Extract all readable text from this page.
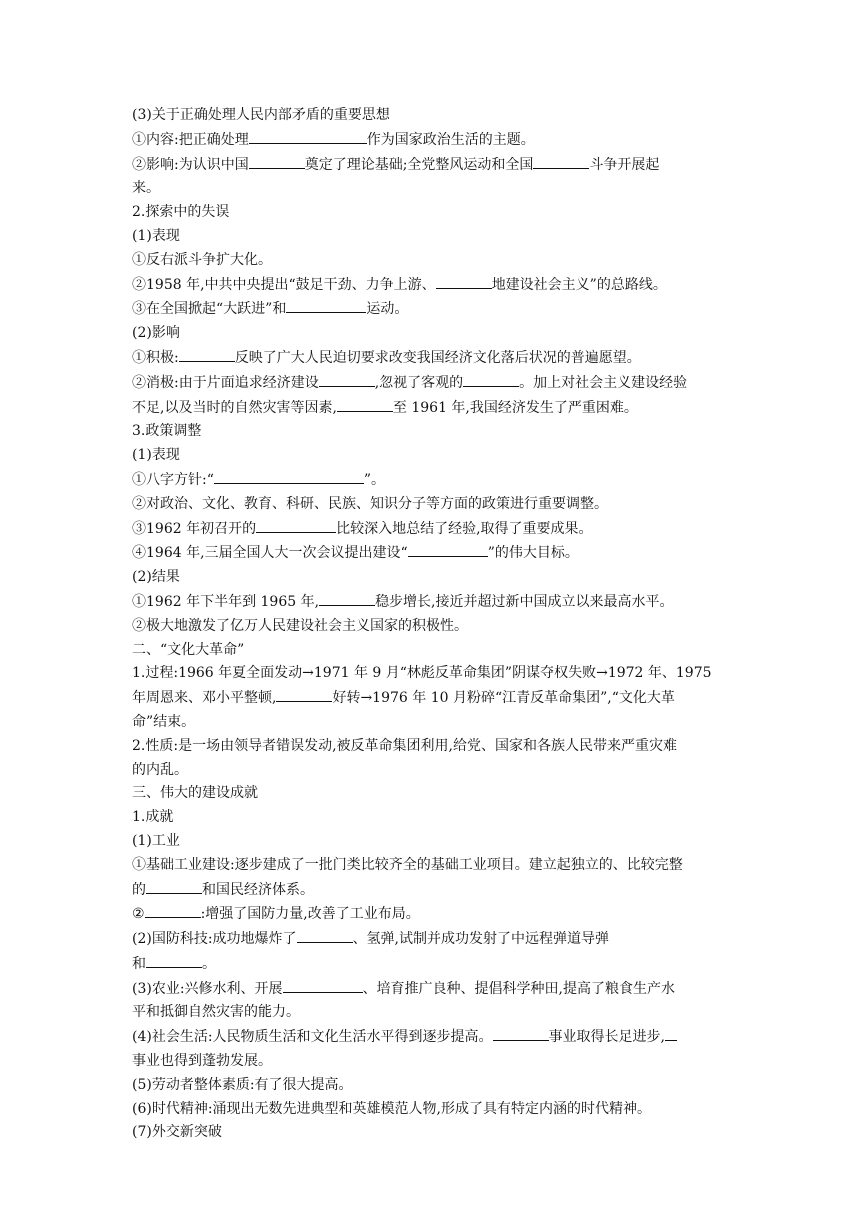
(3)关于正确处理人民内部矛盾的重要思想
①内容:把正确处理	作为国家政治生活的主题。
②影响:为认识中国	奠定了理论基础;全党整风运动和全国	斗争开展起
来。
2.探索中的失误
(1)表现
①反右派斗争扩大化。
②1958 年,中共中央提出“鼓足干劲、力争上游、	地建设社会主义”的总路线。
③在全国掀起“大跃进”和	运动。
(2)影响
①积极:	反映了广大人民迫切要求改变我国经济文化落后状况的普遍愿望。
②消极:由于片面追求经济建设	,忽视了客观的	。加上对社会主义建设经验
不足,以及当时的自然灾害等因素,	至 1961 年,我国经济发生了严重困难。
3.政策调整
(1)表现
①八字方针:“	”。
②对政治、文化、教育、科研、民族、知识分子等方面的政策进行重要调整。
③1962 年初召开的	比较深入地总结了经验,取得了重要成果。
④1964 年,三届全国人大一次会议提出建设“	”的伟大目标。
(2)结果
①1962 年下半年到 1965 年,	稳步增长,接近并超过新中国成立以来最高水平。
②极大地激发了亿万人民建设社会主义国家的积极性。
二、“文化大革命”
1.过程:1966 年夏全面发动→1971 年 9 月“林彪反革命集团”阴谋夺权失败→1972 年、1975
年周恩来、邓小平整顿,	好转→1976 年 10 月粉碎“江青反革命集团”,“文化大革
命”结束。
2.性质:是一场由领导者错误发动,被反革命集团利用,给党、国家和各族人民带来严重灾难
的内乱。
三、伟大的建设成就
1.成就
(1)工业
①基础工业建设:逐步建成了一批门类比较齐全的基础工业项目。建立起独立的、比较完整
的	和国民经济体系。
②	:增强了国防力量,改善了工业布局。
(2)国防科技:成功地爆炸了	、氢弹,试制并成功发射了中远程弹道导弹
和	。
(3)农业:兴修水利、开展	、培育推广良种、提倡科学种田,提高了粮食生产水
平和抵御自然灾害的能力。
(4)社会生活:人民物质生活和文化生活水平得到逐步提高。	事业取得长足进步,
事业也得到蓬勃发展。
(5)劳动者整体素质:有了很大提高。
(6)时代精神:涌现出无数先进典型和英雄模范人物,形成了具有特定内涵的时代精神。
(7)外交新突破
